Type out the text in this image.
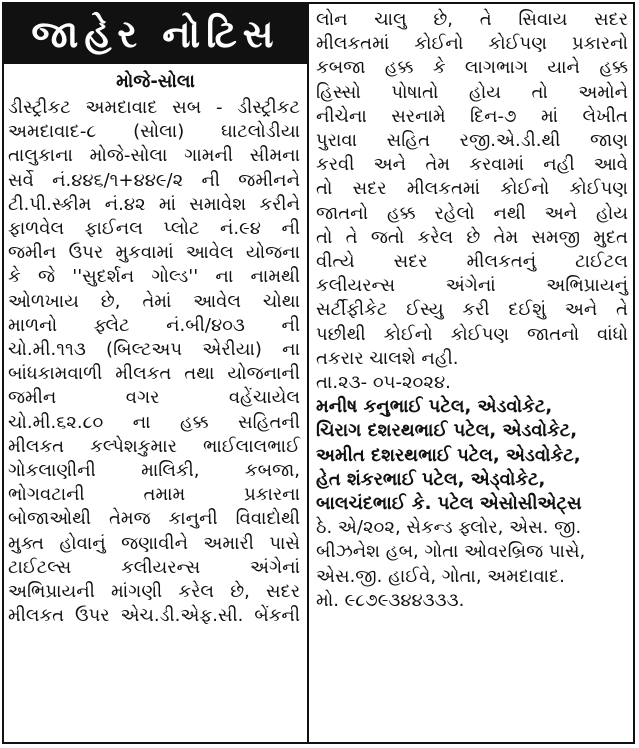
જાહેર નોટિસ
મોજે-સોલા
ડીસ્ટ્રીકટ અમદાવાદ સબ - ડીસ્ટ્રીકટ
અમદાવાદ-૮ (સોલા) ઘાટલોડીયા
તાલુકાના મોજે-સોલા ગામની સીમના
સર્વે નં.૪૪૬/૧+૪૪૯/૨ ની જમીનને
ટી.પી.સ્કીમ નં.૪૨ માં સમાવેશ કરીને
ફાળવેલ ફાઈનલ પ્લોટ નં.૯૪ ની
જમીન ઉપર મુકવામાં આવેલ યોજના
કે જે ''સુદર્શન ગોલ્ડ'' ના નામથી
ઓળખાય છે, તેમાં આવેલ ચોથા
માળનો ફ્લેટ નં.બી/૪૦૩ ની
ચો.મી.૧૧૩ (બિલ્ટઅપ એરીયા) ના
બાંધકામવાળી મીલકત તથા યોજનાની
જમીન વગર વહેંચાયેલ
ચો.મી.૬૨.૮૦ ના હક્ક સહિતની
મીલકત કલ્પેશકુમાર ભાઈલાલભાઈ
ગોકલાણીની માલિકી, કબજા,
ભોગવટાની તમામ પ્રકારના
બોજાઓથી તેમજ કાનુની વિવાદોથી
મુક્ત હોવાનું જણાવીને અમારી પાસે
ટાઈટલ્સ કલીયરન્સ અંગેનાં
અભિપ્રાયની માંગણી કરેલ છે, સદર
મીલકત ઉપર એચ.ડી.એફ.સી. બેંકની
લોન ચાલુ છે, તે સિવાય સદર
મીલકતમાં કોઈનો કોઈપણ પ્રકારનો
કબજા હક્ક કે લાગભાગ યાને હક્ક
હિસ્સો પોષાતો હોય તો અમોને
નીચેના સરનામે દિન-૭ માં લેખીત
પુરાવા સહિત રજી.એ.ડી.થી જાણ
કરવી અને તેમ કરવામાં નહી આવે
તો સદર મીલકતમાં કોઈનો કોઈપણ
જાતનો હક્ક રહેલો નથી અને હોય
તો તે જતો કરેલ છે તેમ સમજી મુદત
વીત્યે સદર મીલકતનું ટાઈટલ
કલીયરન્સ અંગેનાં અભિપ્રાયનું
સર્ટીફીકેટ ઈસ્યુ કરી દઈશું અને તે
પછીથી કોઈનો કોઈપણ જાતનો વાંધો
તકરાર ચાલશે નહી.
તા.૨૩- ૦૫-૨૦૨૪.
મનીષ કનુભાઈ પટેલ, એડવોકેટ,
ચિરાગ દશરથભાઈ પટેલ, એડવોકેટ,
અમીત દશરથભાઈ પટેલ, એડવોકેટ,
હેત શંકરભાઈ પટેલ, એડ્વોકેટ,
બાલચંદભાઈ કે. પટેલ એસોસીએટ્સ
ઠે. એ/૨૦૨, સેકન્ડ ફ્લોર, એસ. જી.
બીઝનેશ હબ, ગોતા ઓવરબ્રિજ પાસે,
એસ.જી. હાઈવે, ગોતા, અમદાવાદ.
મો. ૯૮૭૯૩૪૪૩૩૩.
